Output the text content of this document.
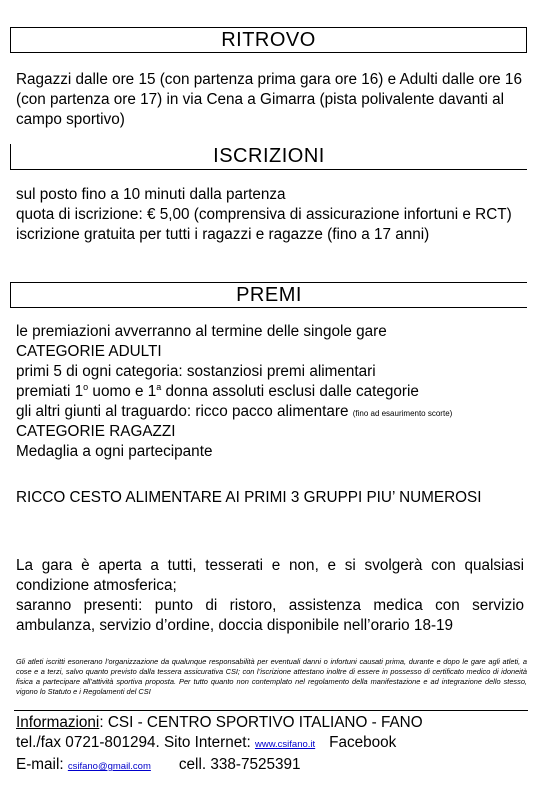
RITROVO

Ragazzi dalle ore 15 (con partenza prima gara ore 16) e Adulti dalle ore 16 (con partenza ore 17) in via Cena a Gimarra (pista polivalente davanti al campo sportivo)

ISCRIZIONI

sul posto fino a 10 minuti dalla partenza

quota di iscrizione: € 5,00 (comprensiva di assicurazione infortuni e RCT)

iscrizione gratuita per tutti i ragazzi e ragazze (fino a 17 anni)

PREMI

le premiazioni avverranno al termine delle singole gare

CATEGORIE ADULTI

primi 5 di ogni categoria: sostanziosi premi alimentari

premiati 1$^o$ uomo e 1$^a$ donna assoluti esclusi dalle categorie

gli altri giunti al traguardo: ricco pacco alimentare (fino ad esaurimento scorte)

CATEGORIE RAGAZZI

Medaglia a ogni partecipante

RICCO CESTO ALIMENTARE AI PRIMI 3 GRUPPI PIU’ NUMEROSI

La gara è aperta a tutti, tesserati e non, e si svolgerà con qualsiasi condizione atmosferica;

saranno presenti: punto di ristoro, assistenza medica con servizio ambulanza, servizio d’ordine, doccia disponibile nell’orario 18-19

Gli atleti iscritti esonerano l’organizzazione da qualunque responsabilità per eventuali danni o infortuni causati prima, durante e dopo le gare agli atleti, a cose e a terzi, salvo quanto previsto dalla tessera assicurativa CSI; con l’iscrizione attestano inoltre di essere in possesso di certificato medico di idoneità fisica a partecipare all’attività sportiva proposta. Per tutto quanto non contemplato nel regolamento della manifestazione e ad integrazione dello stesso, vigono lo Statuto e i Regolamenti del CSI
Informazioni: CSI - CENTRO SPORTIVO ITALIANO - FANO
tel./fax 0721-801294. Sito Internet: www.csifano.it Facebook
E-mail: csifano@gmail.com cell. 338-7525391
